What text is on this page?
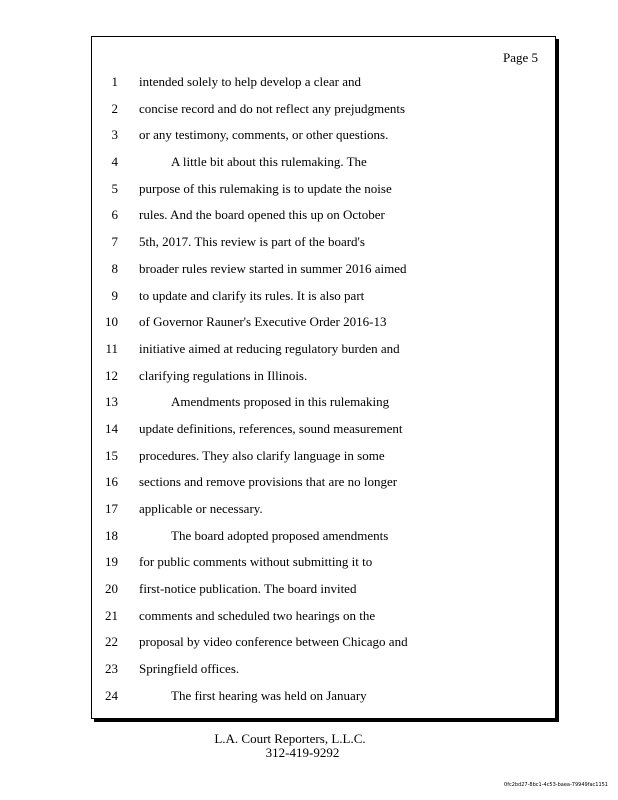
Page 5
1 intended solely to help develop a clear and
2 concise record and do not reflect any prejudgments
3 or any testimony, comments, or other questions.
4	A little bit about this rulemaking. The
5 purpose of this rulemaking is to update the noise
6 rules. And the board opened this up on October
7 5th, 2017. This review is part of the board's
8 broader rules review started in summer 2016 aimed
9 to update and clarify its rules. It is also part
10 of Governor Rauner's Executive Order 2016-13
11 initiative aimed at reducing regulatory burden and
12 clarifying regulations in Illinois.
13	Amendments proposed in this rulemaking
14 update definitions, references, sound measurement
15 procedures. They also clarify language in some
16 sections and remove provisions that are no longer
17 applicable or necessary.
18	The board adopted proposed amendments
19 for public comments without submitting it to
20 first-notice publication. The board invited
21 comments and scheduled two hearings on the
22 proposal by video conference between Chicago and
23 Springfield offices.
24	The first hearing was held on January
L.A. Court Reporters, L.L.C.
312-419-9292
0fc2bd27-8bc1-4c53-baea-79949fac1151
